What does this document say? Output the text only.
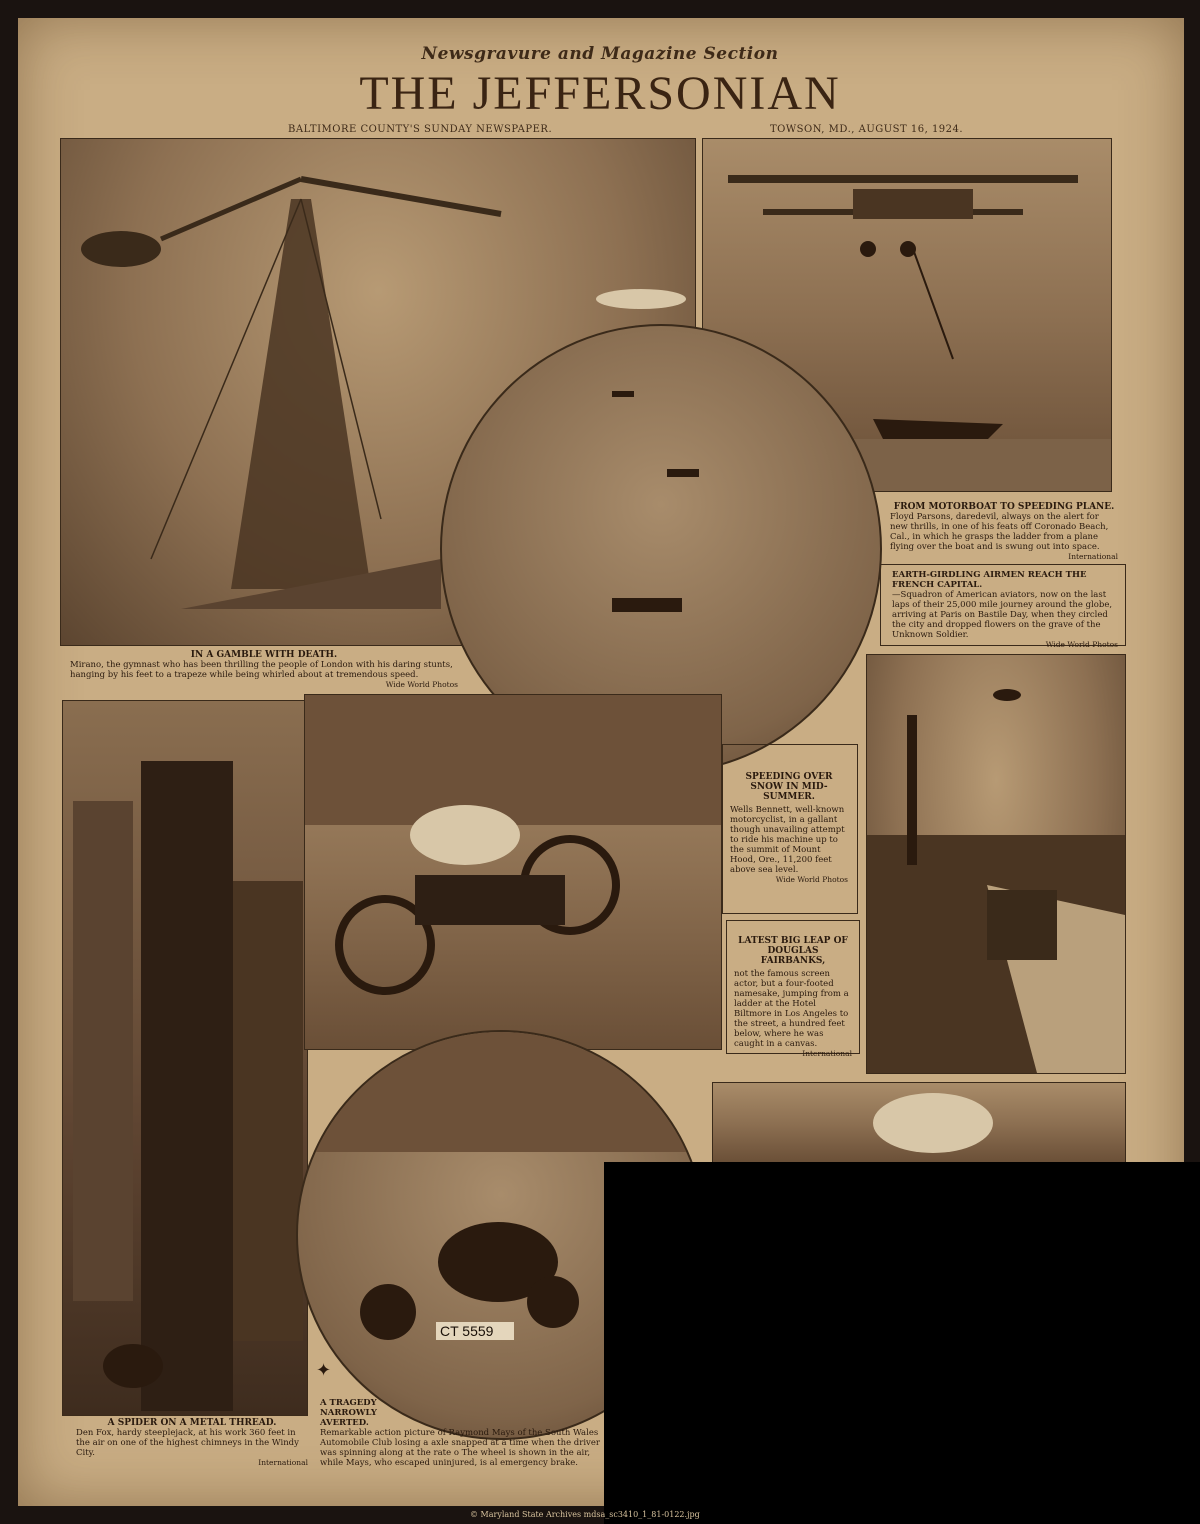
Newsgravure and Magazine Section
THE JEFFERSONIAN
BALTIMORE COUNTY'S SUNDAY NEWSPAPER.	TOWSON, MD., AUGUST 16, 1924.
FROM MOTORBOAT TO SPEEDING PLANE.
Floyd Parsons, daredevil, always on the alert for new thrills, in one of his feats off Coronado Beach, Cal., in which he grasps the ladder from a plane flying over the boat and is swung out into space.
International
EARTH-GIRDLING AIRMEN REACH THE FRENCH CAPITAL.
—Squadron of American aviators, now on the last laps of their 25,000 mile journey around the globe, arriving at Paris on Bastile Day, when they circled the city and dropped flowers on the grave of the Unknown Soldier.
Wide World Photos
IN A GAMBLE WITH DEATH.
Mirano, the gymnast who has been thrilling the people of London with his daring stunts, hanging by his feet to a trapeze while being whirled about at tremendous speed.
Wide World Photos
SPEEDING OVER SNOW IN MID-SUMMER.
Wells Bennett, well-known motorcyclist, in a gallant though unavailing attempt to ride his machine up to the summit of Mount Hood, Ore., 11,200 feet above sea level.
Wide World Photos
LATEST BIG LEAP OF DOUGLAS FAIRBANKS,
not the famous screen actor, but a four-footed namesake, jumping from a ladder at the Hotel Biltmore in Los Angeles to the street, a hundred feet below, where he was caught in a canvas.
International
CT 5559
A SPIDER ON A METAL THREAD.
Den Fox, hardy steeplejack, at his work 360 feet in the air on one of the highest chimneys in the Windy City.
International
✦
A TRAGEDY NARROWLY AVERTED.
Remarkable action picture of Raymond Mays of the South Wales Automobile Club losing a axle snapped at a time when the driver was spinning along at the rate o The wheel is shown in the air, while Mays, who escaped uninjured, is al emergency brake.
© Maryland State Archives mdsa_sc3410_1_81-0122.jpg
